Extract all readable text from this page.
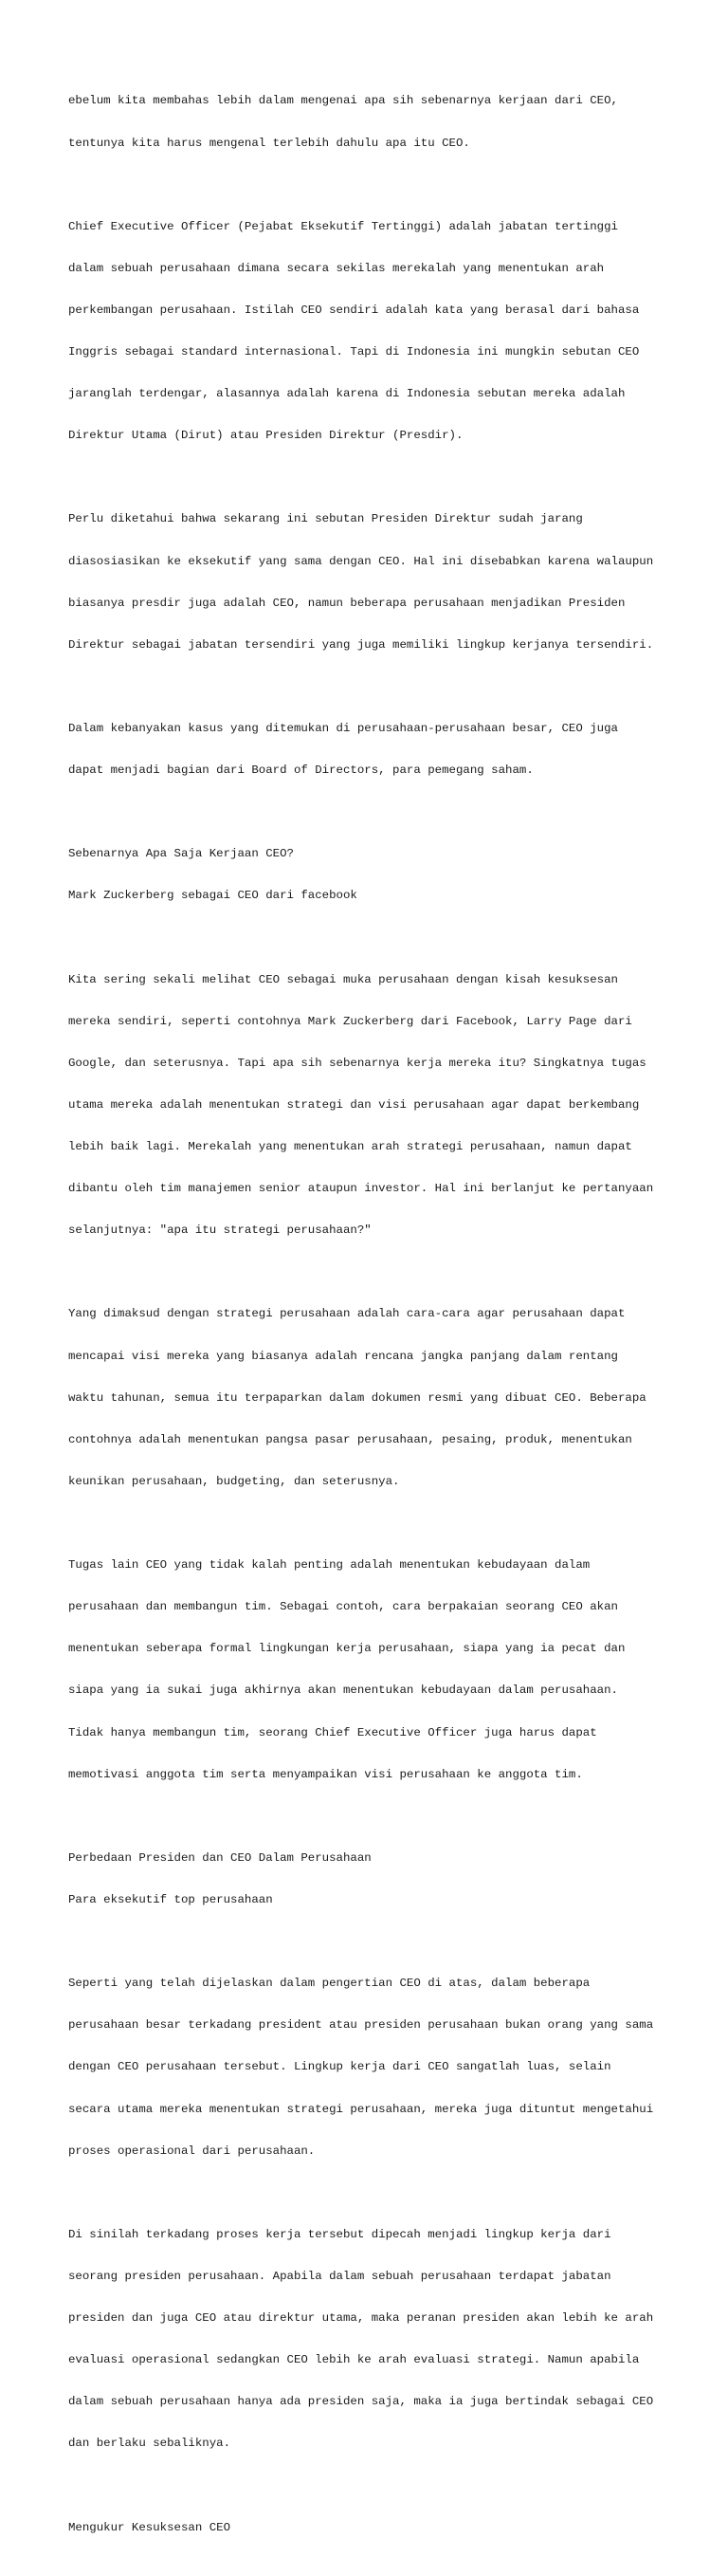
ebelum kita membahas lebih dalam mengenai apa sih sebenarnya kerjaan dari CEO,

tentunya kita harus mengenal terlebih dahulu apa itu CEO.

Chief Executive Officer (Pejabat Eksekutif Tertinggi) adalah jabatan tertinggi

dalam sebuah perusahaan dimana secara sekilas merekalah yang menentukan arah

perkembangan perusahaan. Istilah CEO sendiri adalah kata yang berasal dari bahasa

Inggris sebagai standard internasional. Tapi di Indonesia ini mungkin sebutan CEO

jaranglah terdengar, alasannya adalah karena di Indonesia sebutan mereka adalah

Direktur Utama (Dirut) atau Presiden Direktur (Presdir).

Perlu diketahui bahwa sekarang ini sebutan Presiden Direktur sudah jarang

diasosiasikan ke eksekutif yang sama dengan CEO. Hal ini disebabkan karena walaupun

biasanya presdir juga adalah CEO, namun beberapa perusahaan menjadikan Presiden

Direktur sebagai jabatan tersendiri yang juga memiliki lingkup kerjanya tersendiri.

Dalam kebanyakan kasus yang ditemukan di perusahaan-perusahaan besar, CEO juga

dapat menjadi bagian dari Board of Directors, para pemegang saham.

Sebenarnya Apa Saja Kerjaan CEO?

Mark Zuckerberg sebagai CEO dari facebook

Kita sering sekali melihat CEO sebagai muka perusahaan dengan kisah kesuksesan

mereka sendiri, seperti contohnya Mark Zuckerberg dari Facebook, Larry Page dari

Google, dan seterusnya. Tapi apa sih sebenarnya kerja mereka itu? Singkatnya tugas

utama mereka adalah menentukan strategi dan visi perusahaan agar dapat berkembang

lebih baik lagi. Merekalah yang menentukan arah strategi perusahaan, namun dapat

dibantu oleh tim manajemen senior ataupun investor. Hal ini berlanjut ke pertanyaan

selanjutnya: "apa itu strategi perusahaan?"

Yang dimaksud dengan strategi perusahaan adalah cara-cara agar perusahaan dapat

mencapai visi mereka yang biasanya adalah rencana jangka panjang dalam rentang

waktu tahunan, semua itu terpaparkan dalam dokumen resmi yang dibuat CEO. Beberapa

contohnya adalah menentukan pangsa pasar perusahaan, pesaing, produk, menentukan

keunikan perusahaan, budgeting, dan seterusnya.

Tugas lain CEO yang tidak kalah penting adalah menentukan kebudayaan dalam

perusahaan dan membangun tim. Sebagai contoh, cara berpakaian seorang CEO akan

menentukan seberapa formal lingkungan kerja perusahaan, siapa yang ia pecat dan

siapa yang ia sukai juga akhirnya akan menentukan kebudayaan dalam perusahaan.

Tidak hanya membangun tim, seorang Chief Executive Officer juga harus dapat

memotivasi anggota tim serta menyampaikan visi perusahaan ke anggota tim.

Perbedaan Presiden dan CEO Dalam Perusahaan

Para eksekutif top perusahaan

Seperti yang telah dijelaskan dalam pengertian CEO di atas, dalam beberapa

perusahaan besar terkadang president atau presiden perusahaan bukan orang yang sama

dengan CEO perusahaan tersebut. Lingkup kerja dari CEO sangatlah luas, selain

secara utama mereka menentukan strategi perusahaan, mereka juga dituntut mengetahui

proses operasional dari perusahaan.

Di sinilah terkadang proses kerja tersebut dipecah menjadi lingkup kerja dari

seorang presiden perusahaan. Apabila dalam sebuah perusahaan terdapat jabatan

presiden dan juga CEO atau direktur utama, maka peranan presiden akan lebih ke arah

evaluasi operasional sedangkan CEO lebih ke arah evaluasi strategi. Namun apabila

dalam sebuah perusahaan hanya ada presiden saja, maka ia juga bertindak sebagai CEO

dan berlaku sebaliknya.

Mengukur Kesuksesan CEO
